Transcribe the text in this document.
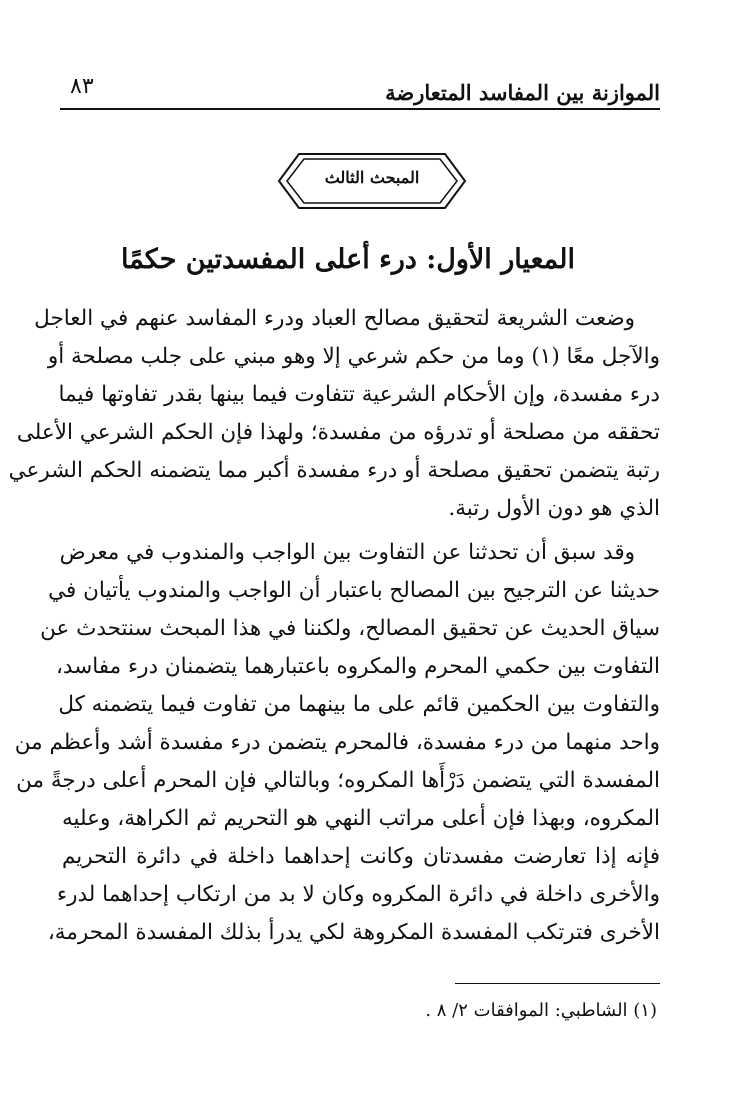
الموازنة بين المفاسد المتعارضة
٨٣
المبحث الثالث
المعيار الأول: درء أعلى المفسدتين حكمًا
وضعت الشريعة لتحقيق مصالح العباد ودرء المفاسد عنهم في العاجل
والآجل معًا (١) وما من حكم شرعي إلا وهو مبني على جلب مصلحة أو
درء مفسدة، وإن الأحكام الشرعية تتفاوت فيما بينها بقدر تفاوتها فيما
تحققه من مصلحة أو تدرؤه من مفسدة؛ ولهذا فإن الحكم الشرعي الأعلى
رتبة يتضمن تحقيق مصلحة أو درء مفسدة أكبر مما يتضمنه الحكم الشرعي
الذي هو دون الأول رتبة.
وقد سبق أن تحدثنا عن التفاوت بين الواجب والمندوب في معرض
حديثنا عن الترجيح بين المصالح باعتبار أن الواجب والمندوب يأتيان في
سياق الحديث عن تحقيق المصالح، ولكننا في هذا المبحث سنتحدث عن
التفاوت بين حكمي المحرم والمكروه باعتبارهما يتضمنان درء مفاسد،
والتفاوت بين الحكمين قائم على ما بينهما من تفاوت فيما يتضمنه كل
واحد منهما من درء مفسدة، فالمحرم يتضمن درء مفسدة أشد وأعظم من
المفسدة التي يتضمن دَرْأَها المكروه؛ وبالتالي فإن المحرم أعلى درجةً من
المكروه، وبهذا فإن أعلى مراتب النهي هو التحريم ثم الكراهة، وعليه
فإنه إذا تعارضت مفسدتان وكانت إحداهما داخلة في دائرة التحريم
والأخرى داخلة في دائرة المكروه وكان لا بد من ارتكاب إحداهما لدرء
الأخرى فترتكب المفسدة المكروهة لكي يدرأ بذلك المفسدة المحرمة،
(١) الشاطبي: الموافقات ٢/ ٨ .
